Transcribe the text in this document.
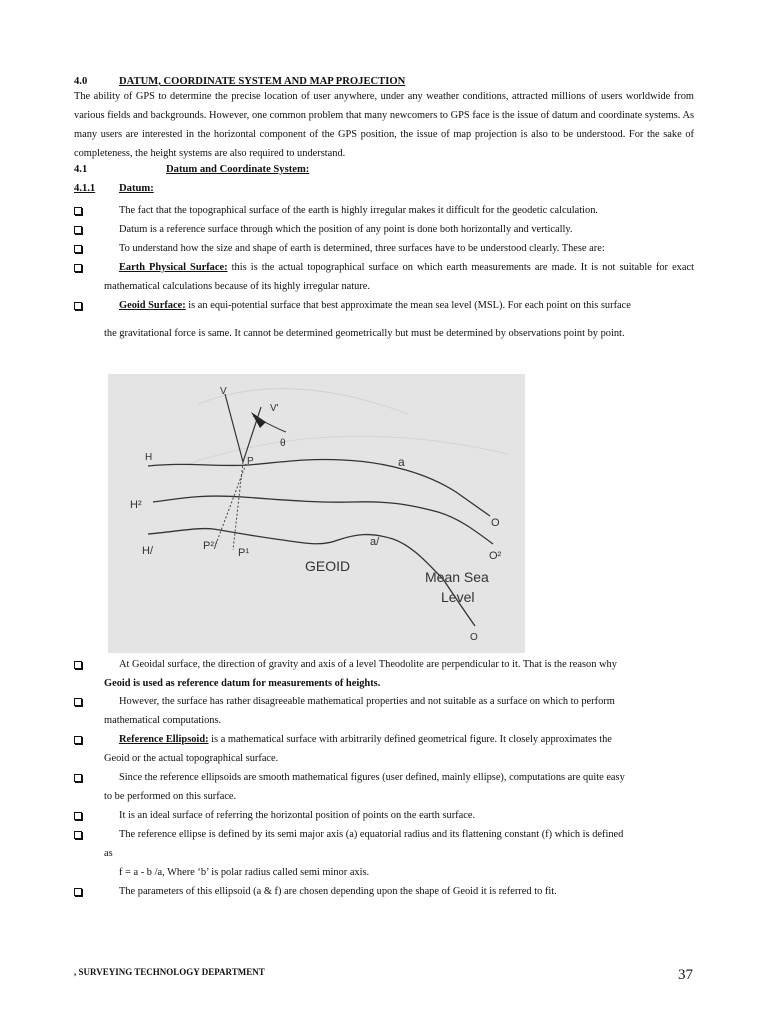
4.0	DATUM, COORDINATE SYSTEM AND MAP PROJECTION
The ability of GPS to determine the precise location of user anywhere, under any weather conditions, attracted millions of users worldwide from various fields and backgrounds. However, one common problem that many newcomers to GPS face is the issue of datum and coordinate systems. As many users are interested in the horizontal component of the GPS position, the issue of map projection is also to be understood. For the sake of completeness, the height systems are also required to understand.
4.1	Datum and Coordinate System:
4.1.1 Datum:
The fact that the topographical surface of the earth is highly irregular makes it difficult for the geodetic calculation.
Datum is a reference surface through which the position of any point is done both horizontally and vertically.
To understand how the size and shape of earth is determined, three surfaces have to be understood clearly. These are:
Earth Physical Surface: this is the actual topographical surface on which earth measurements are made. It is not suitable for exact mathematical calculations because of its highly irregular nature.
Geoid Surface: is an equi-potential surface that best approximate the mean sea level (MSL). For each point on this surface
the gravitational force is same. It cannot be determined geometrically but must be determined by observations point by point.
V
V'
θ
H	P	a
H²
O
a/
H/	P²/
P¹
GEOID
O²
Mean Sea
Level
O
At Geoidal surface, the direction of gravity and axis of a level Theodolite are perpendicular to it. That is the reason why
Geoid is used as reference datum for measurements of heights.
However, the surface has rather disagreeable mathematical properties and not suitable as a surface on which to perform
mathematical computations.
Reference Ellipsoid: is a mathematical surface with arbitrarily defined geometrical figure. It closely approximates the
Geoid or the actual topographical surface.
Since the reference ellipsoids are smooth mathematical figures (user defined, mainly ellipse), computations are quite easy
to be performed on this surface.
It is an ideal surface of referring the horizontal position of points on the earth surface.
The reference ellipse is defined by its semi major axis (a) equatorial radius and its flattening constant (f) which is defined
as
f = a - b /a, Where ‘b’ is polar radius called semi minor axis.
The parameters of this ellipsoid (a & f) are chosen depending upon the shape of Geoid it is referred to fit.
, SURVEYING TECHNOLOGY DEPARTMENT	37
